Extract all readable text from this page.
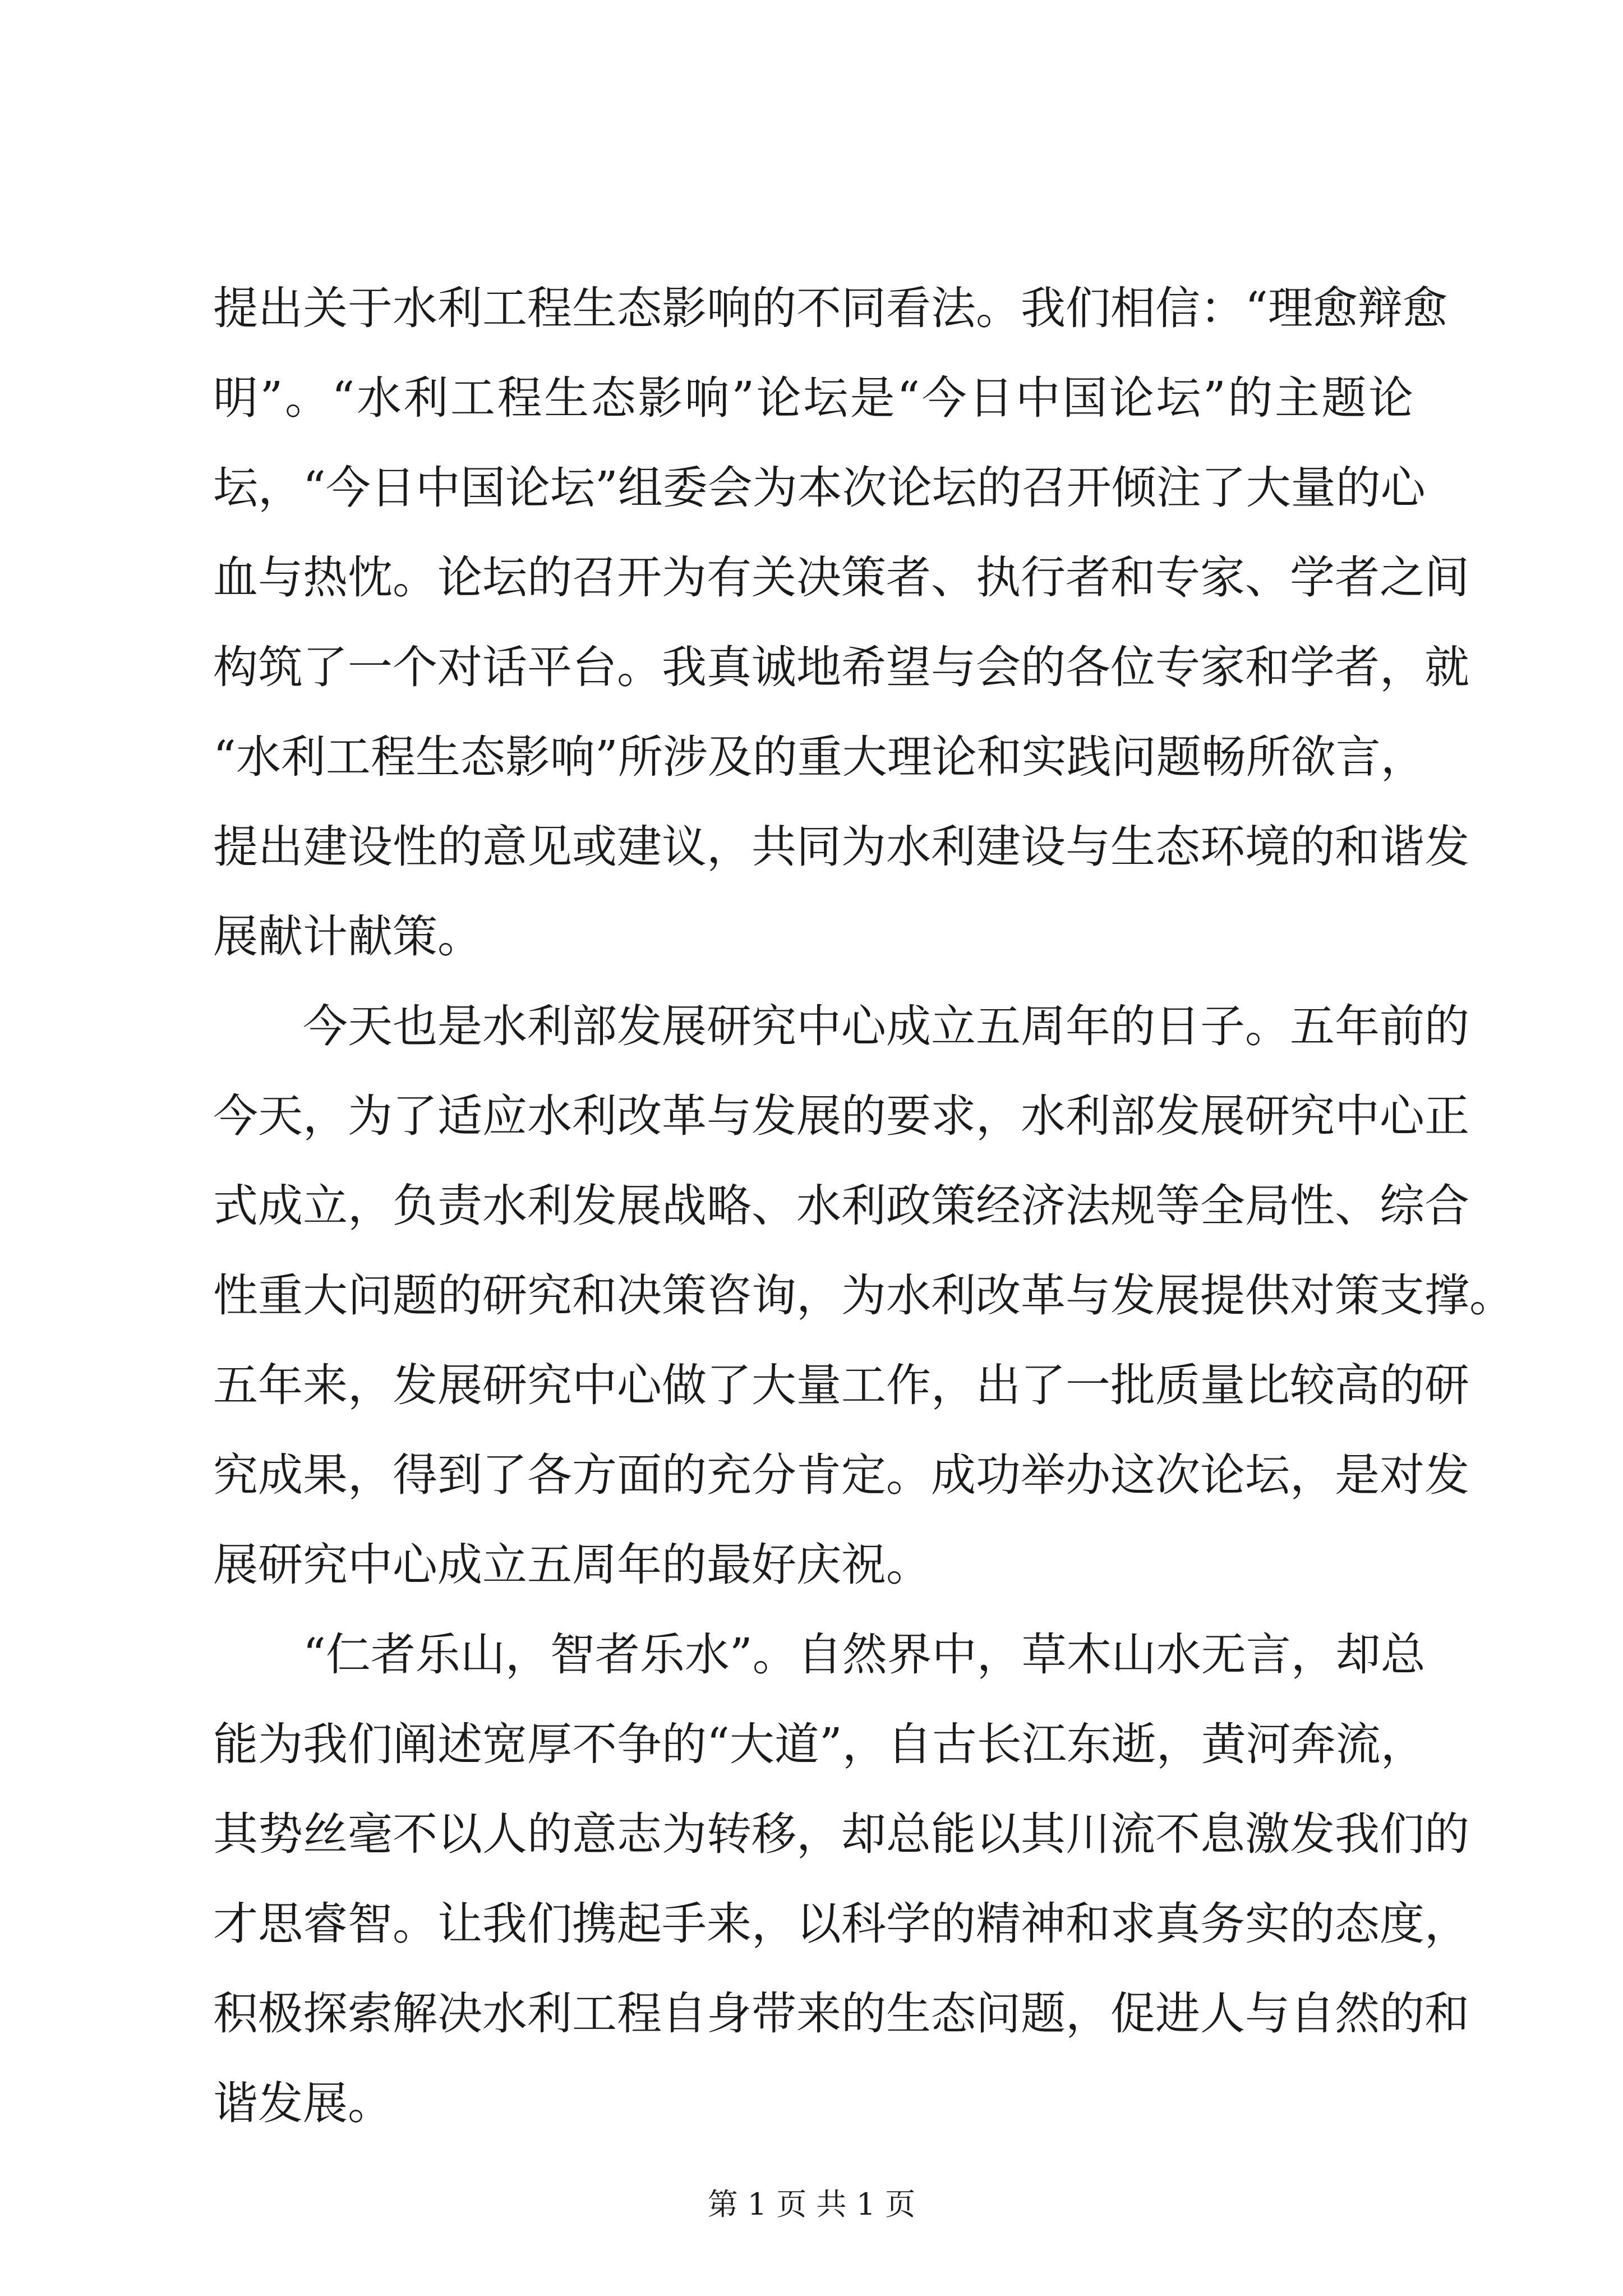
提出关于水利工程生态影响的不同看法。我们相信：“理愈辩愈
明”。“水利工程生态影响”论坛是“今日中国论坛”的主题论
坛，“今日中国论坛”组委会为本次论坛的召开倾注了大量的心
血与热忱。论坛的召开为有关决策者、执行者和专家、学者之间
构筑了一个对话平台。我真诚地希望与会的各位专家和学者，就
“水利工程生态影响”所涉及的重大理论和实践问题畅所欲言，
提出建设性的意见或建议，共同为水利建设与生态环境的和谐发
展献计献策。
今天也是水利部发展研究中心成立五周年的日子。五年前的
今天，为了适应水利改革与发展的要求，水利部发展研究中心正
式成立，负责水利发展战略、水利政策经济法规等全局性、综合
性重大问题的研究和决策咨询，为水利改革与发展提供对策支撑。
五年来，发展研究中心做了大量工作，出了一批质量比较高的研
究成果，得到了各方面的充分肯定。成功举办这次论坛，是对发
展研究中心成立五周年的最好庆祝。
“仁者乐山，智者乐水”。自然界中，草木山水无言，却总
能为我们阐述宽厚不争的“大道”，自古长江东逝，黄河奔流，
其势丝毫不以人的意志为转移，却总能以其川流不息激发我们的
才思睿智。让我们携起手来，以科学的精神和求真务实的态度，
积极探索解决水利工程自身带来的生态问题，促进人与自然的和
谐发展。
第 1 页 共 1 页
